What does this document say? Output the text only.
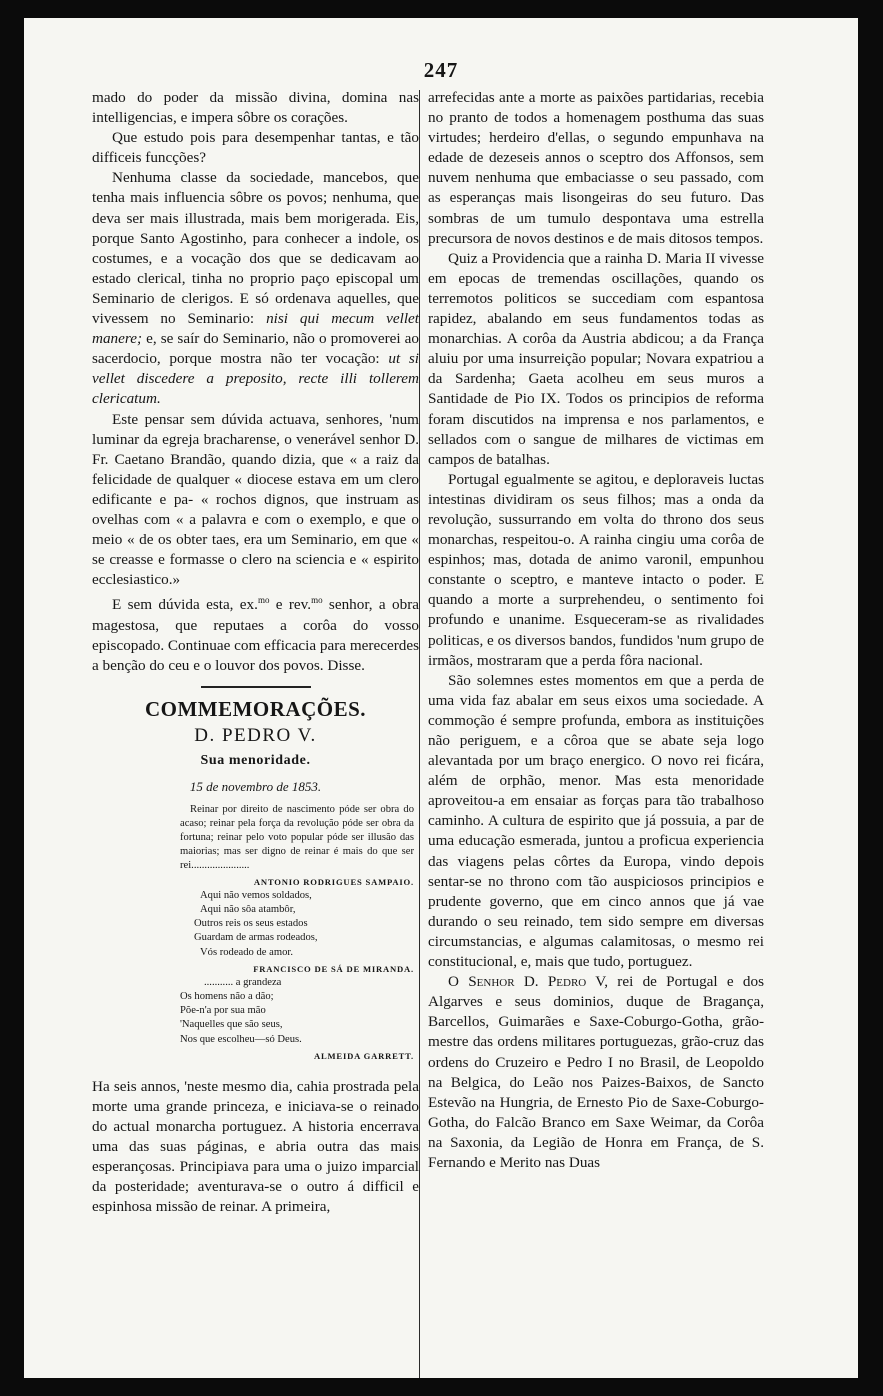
247

mado do poder da missão divina, domina nas intelligencias, e impera sôbre os corações.

Que estudo pois para desempenhar tantas, e tão difficeis funcções?

Nenhuma classe da sociedade, mancebos, que tenha mais influencia sôbre os povos; nenhuma, que deva ser mais illustrada, mais bem morigerada. Eis, porque Santo Agostinho, para conhecer a indole, os costumes, e a vocação dos que se dedicavam ao estado clerical, tinha no proprio paço episcopal um Seminario de clerigos. E só ordenava aquelles, que vivessem no Seminario: nisi qui mecum vellet manere; e, se saír do Seminario, não o promoverei ao sacerdocio, porque mostra não ter vocação: ut si vellet discedere a preposito, recte illi tollerem clericatum.

Este pensar sem dúvida actuava, senhores, 'num luminar da egreja bracharense, o venerável senhor D. Fr. Caetano Brandão, quando dizia, que « a raiz da felicidade de qualquer « diocese estava em um clero edificante e pa- « rochos dignos, que instruam as ovelhas com « a palavra e com o exemplo, e que o meio « de os obter taes, era um Seminario, em que « se creasse e formasse o clero na sciencia e « espirito ecclesiastico.»

E sem dúvida esta, ex.$^{mo}$ e rev.$^{mo}$ senhor, a obra magestosa, que reputaes a corôa do vosso episcopado. Continuae com efficacia para merecerdes a benção do ceu e o louvor dos povos. Disse.

COMMEMORAÇÕES.
D. PEDRO V.
Sua menoridade.
15 de novembro de 1853.
Reinar por direito de nascimento póde ser obra do acaso; reinar pela força da revolução póde ser obra da fortuna; reinar pelo voto popular póde ser illusão das maiorias; mas ser digno de reinar é mais do que ser rei......................
ANTONIO RODRIGUES SAMPAIO.
Aqui não vemos soldados,
Aqui não sôa atambôr,
Outros reis os seus estados
Guardam de armas rodeados,
Vós rodeado de amor.
FRANCISCO DE SÁ DE MIRANDA.
........... a grandeza
Os homens não a dão;
Põe-n'a por sua mão
'Naquelles que são seus,
Nos que escolheu—só Deus.
ALMEIDA GARRETT.

Ha seis annos, 'neste mesmo dia, cahia prostrada pela morte uma grande princeza, e iniciava-se o reinado do actual monarcha portuguez. A historia encerrava uma das suas páginas, e abria outra das mais esperançosas. Principiava para uma o juizo imparcial da posteridade; aventurava-se o outro á difficil e espinhosa missão de reinar. A primeira,

arrefecidas ante a morte as paixões partidarias, recebia no pranto de todos a homenagem posthuma das suas virtudes; herdeiro d'ellas, o segundo empunhava na edade de dezeseis annos o sceptro dos Affonsos, sem nuvem nenhuma que embaciasse o seu passado, com as esperanças mais lisongeiras do seu futuro. Das sombras de um tumulo despontava uma estrella precursora de novos destinos e de mais ditosos tempos.

Quiz a Providencia que a rainha D. Maria II vivesse em epocas de tremendas oscillações, quando os terremotos politicos se succediam com espantosa rapidez, abalando em seus fundamentos todas as monarchias. A corôa da Austria abdicou; a da França aluiu por uma insurreição popular; Novara expatriou a da Sardenha; Gaeta acolheu em seus muros a Santidade de Pio IX. Todos os principios de reforma foram discutidos na imprensa e nos parlamentos, e sellados com o sangue de milhares de victimas em campos de batalhas.

Portugal egualmente se agitou, e deploraveis luctas intestinas dividiram os seus filhos; mas a onda da revolução, sussurrando em volta do throno dos seus monarchas, respeitou-o. A rainha cingiu uma corôa de espinhos; mas, dotada de animo varonil, empunhou constante o sceptro, e manteve intacto o poder. E quando a morte a surprehendeu, o sentimento foi profundo e unanime. Esqueceram-se as rivalidades politicas, e os diversos bandos, fundidos 'num grupo de irmãos, mostraram que a perda fôra nacional.

São solemnes estes momentos em que a perda de uma vida faz abalar em seus eixos uma sociedade. A commoção é sempre profunda, embora as instituições não periguem, e a côroa que se abate seja logo alevantada por um braço energico. O novo rei ficára, além de orphão, menor. Mas esta menoridade aproveitou-a em ensaiar as forças para tão trabalhoso caminho. A cultura de espirito que já possuia, a par de uma educação esmerada, juntou a proficua experiencia das viagens pelas côrtes da Europa, vindo depois sentar-se no throno com tão auspiciosos principios e prudente governo, que em cinco annos que já vae durando o seu reinado, tem sido sempre em diversas circumstancias, e algumas calamitosas, o mesmo rei constitucional, e, mais que tudo, portuguez.

O Senhor D. Pedro V, rei de Portugal e dos Algarves e seus dominios, duque de Bragança, Barcellos, Guimarães e Saxe-Coburgo-Gotha, grão-mestre das ordens militares portuguezas, grão-cruz das ordens do Cruzeiro e Pedro I no Brasil, de Leopoldo na Belgica, do Leão nos Paizes-Baixos, de Sancto Estevão na Hungria, de Ernesto Pio de Saxe-Coburgo-Gotha, do Falcão Branco em Saxe Weimar, da Corôa na Saxonia, da Legião de Honra em França, de S. Fernando e Merito nas Duas
